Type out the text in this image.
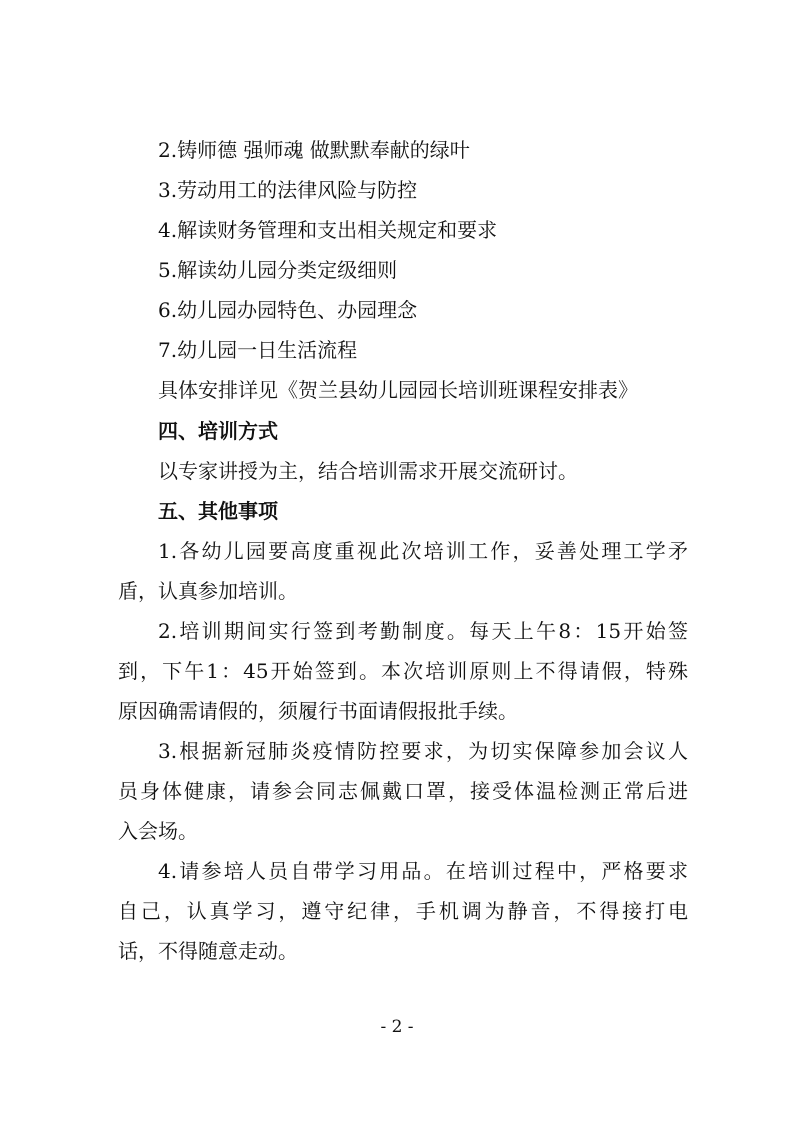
2.铸师德 强师魂 做默默奉献的绿叶
3.劳动用工的法律风险与防控
4.解读财务管理和支出相关规定和要求
5.解读幼儿园分类定级细则
6.幼儿园办园特色、办园理念
7.幼儿园一日生活流程
具体安排详见《贺兰县幼儿园园长培训班课程安排表》
四、培训方式
以专家讲授为主，结合培训需求开展交流研讨。
五、其他事项
1.各幼儿园要高度重视此次培训工作，妥善处理工学矛
盾，认真参加培训。
2.培训期间实行签到考勤制度。每天上午8：15开始签
到，下午1：45开始签到。本次培训原则上不得请假，特殊
原因确需请假的，须履行书面请假报批手续。
3.根据新冠肺炎疫情防控要求，为切实保障参加会议人
员身体健康，请参会同志佩戴口罩，接受体温检测正常后进
入会场。
4.请参培人员自带学习用品。在培训过程中，严格要求
自己，认真学习，遵守纪律，手机调为静音，不得接打电
话，不得随意走动。
- 2 -
